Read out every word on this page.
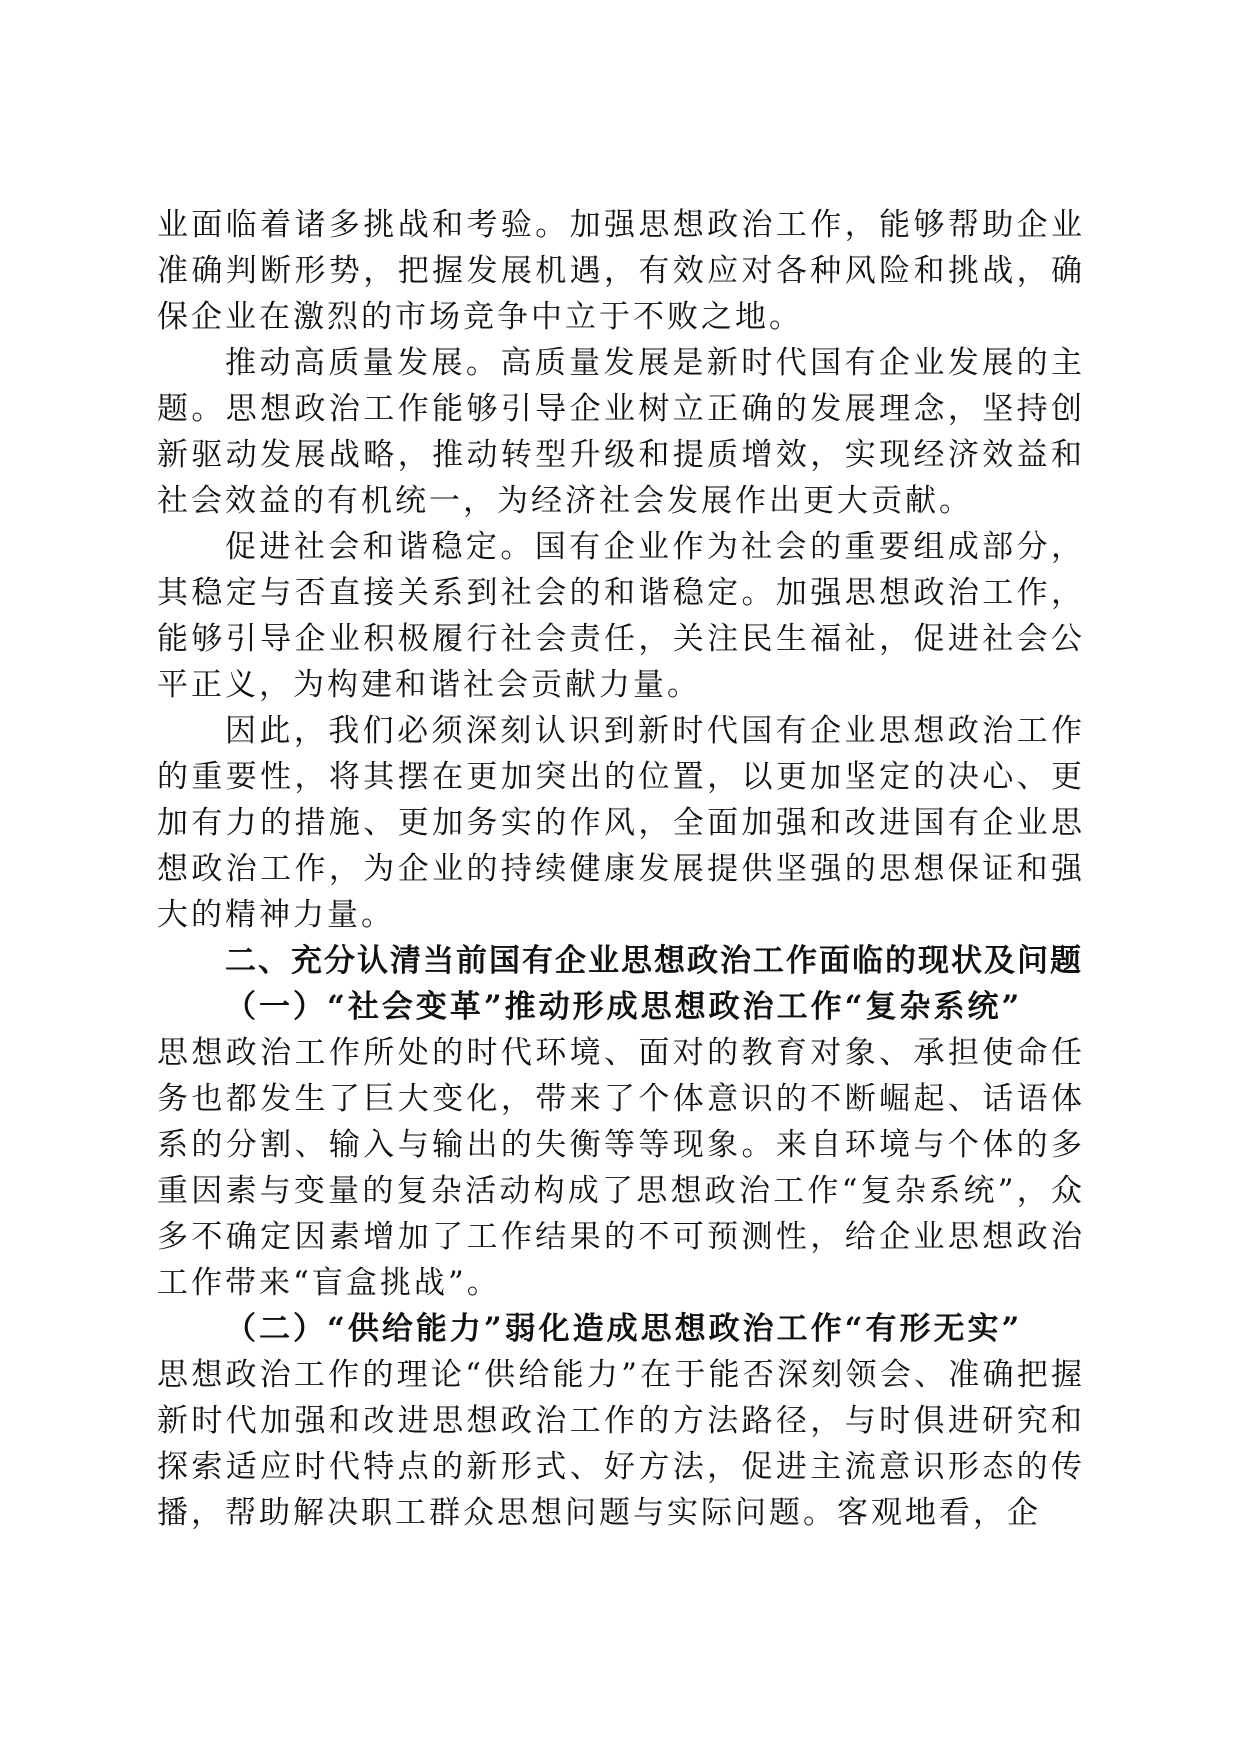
业面临着诸多挑战和考验。加强思想政治工作，能够帮助企业准确判断形势，把握发展机遇，有效应对各种风险和挑战，确保企业在激烈的市场竞争中立于不败之地。

推动高质量发展。高质量发展是新时代国有企业发展的主题。思想政治工作能够引导企业树立正确的发展理念，坚持创新驱动发展战略，推动转型升级和提质增效，实现经济效益和社会效益的有机统一，为经济社会发展作出更大贡献。

促进社会和谐稳定。国有企业作为社会的重要组成部分，其稳定与否直接关系到社会的和谐稳定。加强思想政治工作，能够引导企业积极履行社会责任，关注民生福祉，促进社会公平正义，为构建和谐社会贡献力量。

因此，我们必须深刻认识到新时代国有企业思想政治工作的重要性，将其摆在更加突出的位置，以更加坚定的决心、更加有力的措施、更加务实的作风，全面加强和改进国有企业思想政治工作，为企业的持续健康发展提供坚强的思想保证和强大的精神力量。

二、充分认清当前国有企业思想政治工作面临的现状及问题
（一）“社会变革”推动形成思想政治工作“复杂系统”
思想政治工作所处的时代环境、面对的教育对象、承担使命任务也都发生了巨大变化，带来了个体意识的不断崛起、话语体系的分割、输入与输出的失衡等等现象。来自环境与个体的多重因素与变量的复杂活动构成了思想政治工作“复杂系统”，众多不确定因素增加了工作结果的不可预测性，给企业思想政治工作带来“盲盒挑战”。
（二）“供给能力”弱化造成思想政治工作“有形无实”
思想政治工作的理论“供给能力”在于能否深刻领会、准确把握新时代加强和改进思想政治工作的方法路径，与时俱进研究和探索适应时代特点的新形式、好方法，促进主流意识形态的传播，帮助解决职工群众思想问题与实际问题。客观地看，企
